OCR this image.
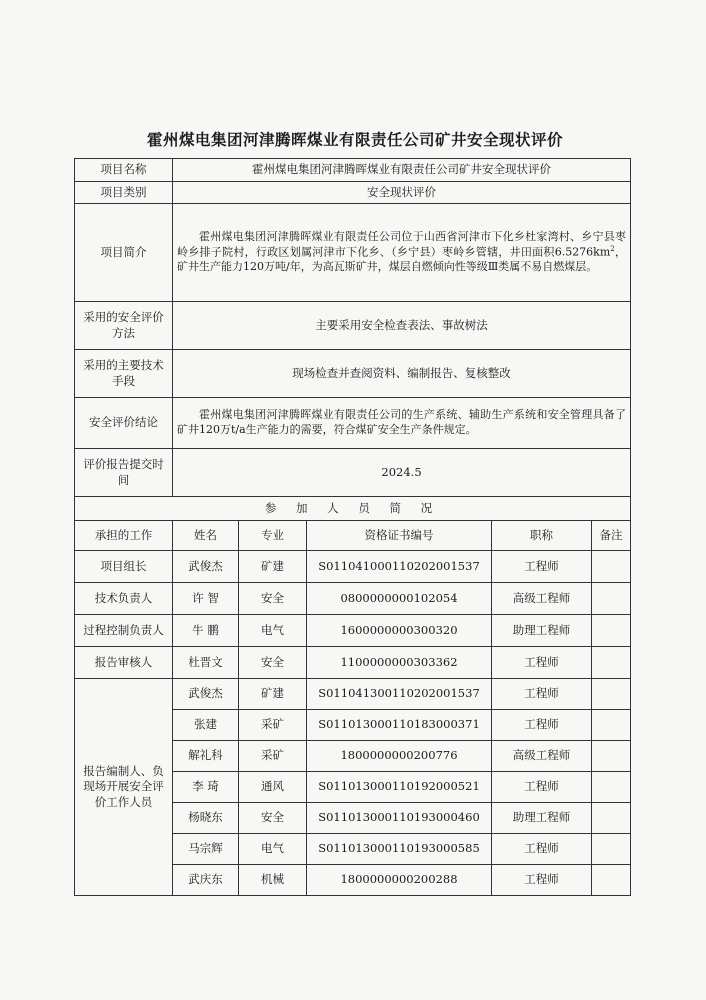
霍州煤电集团河津腾晖煤业有限责任公司矿井安全现状评价
项目名称	霍州煤电集团河津腾晖煤业有限责任公司矿井安全现状评价				
项目类别	安全现状评价				
项目简介	霍州煤电集团河津腾晖煤业有限责任公司位于山西省河津市下化乡杜家湾村、乡宁县枣岭乡排子院村，行政区划属河津市下化乡、（乡宁县）枣岭乡管辖，井田面积$6.5276km^2$，矿井生产能力120万吨/年，为高瓦斯矿井，煤层自燃倾向性等级Ⅲ类属不易自燃煤层。				
采用的安全评价方法	主要采用安全检查表法、事故树法				
采用的主要技术手段	现场检查并查阅资料、编制报告、复核整改				
安全评价结论	霍州煤电集团河津腾晖煤业有限责任公司的生产系统、辅助生产系统和安全管理具备了矿井120万t/a生产能力的需要，符合煤矿安全生产条件规定。				
评价报告提交时间	2024.5				
参 加 人 员 简 况					
承担的工作	姓名	专业	资格证书编号	职称	备注
项目组长	武俊杰	矿建	S011041000110202001537	工程师	
技术负责人	许 智	安全	0800000000102054	高级工程师	
过程控制负责人	牛 鹏	电气	1600000000300320	助理工程师	
报告审核人	杜晋文	安全	1100000000303362	工程师	
报告编制人、负现场开展安全评价工作人员	武俊杰	矿建	S011041300110202001537	工程师	
	张建	采矿	S011013000110183000371	工程师	
	解礼科	采矿	1800000000200776	高级工程师	
	李 琦	通风	S011013000110192000521	工程师	
	杨晓东	安全	S011013000110193000460	助理工程师	
	马宗辉	电气	S011013000110193000585	工程师	
	武庆东	机械	1800000000200288	工程师	
